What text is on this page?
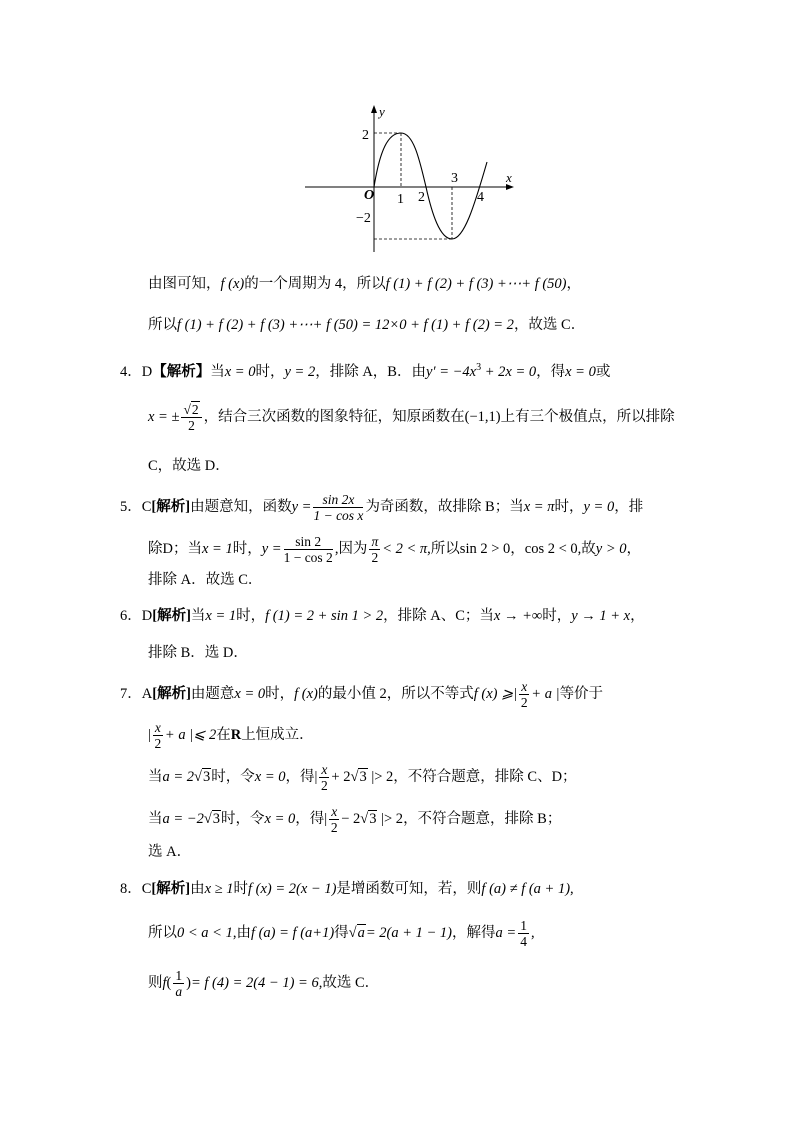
y
x
O
2
−2
1 2
3
4
由图可知，f (x)的一个周期为 4，所以f (1) + f (2) + f (3) +⋯+ f (50)，
所以f (1) + f (2) + f (3) +⋯+ f (50) = 12×0 + f (1) + f (2) = 2，故选 C．
4．D【解析】当x = 0时，y = 2，排除 A，B．由$y' = -4x^3 + 2x = 0$，得x = 0或
x = ± $\frac{√2}{2}$ ，结合三次函数的图象特征，知原函数在(−1,1)上有三个极值点，所以排除
C，故选 D．
5．C[解析]由题意知，函数$y = \frac{\sin 2x}{\text{1 − cos x}}$ 为奇函数，故排除 B；当x = π时，y = 0，排
除D；当x = 1时，$y = \frac{\sin 2}{1 - \cos 2}$ ,因为 $\frac{\pi}{2} < 2 < \pi$,所以sin 2 > 0，cos 2 < 0,故y > 0，
排除 A．故选 C．
6．D[解析]当x = 1时，f (1) = 2 + sin 1 > 2，排除 A、C；当x → +∞时，y → 1 + x，
排除 B．选 D．
7．A[解析]由题意x = 0时，f (x)的最小值 2，所以不等式f (x) ⩾| $\frac{x}{2} + a$ |等价于
| $\frac{x}{2} + a$ |⩽ 2在R上恒成立．
当a = 2√3时，令x = 0，得| $\frac{x}{2} + 2√3$ |> 2，不符合题意，排除 C、D；
当a = −2√3时，令x = 0，得| $\frac{x}{2} - 2√3$ |> 2，不符合题意，排除 B；
选 A．
8．C[解析]由x ≥ 1时f (x) = 2(x − 1)是增函数可知，若，则f (a) ≠ f (a + 1),
所以0 < a < 1,由f (a) = f (a+1)得√a= 2(a + 1 − 1)，解得$a = \frac{1}{4}$ ,
则$f( \frac{1}{a}$ )= f (4) = 2(4 − 1) = 6,故选 C．
